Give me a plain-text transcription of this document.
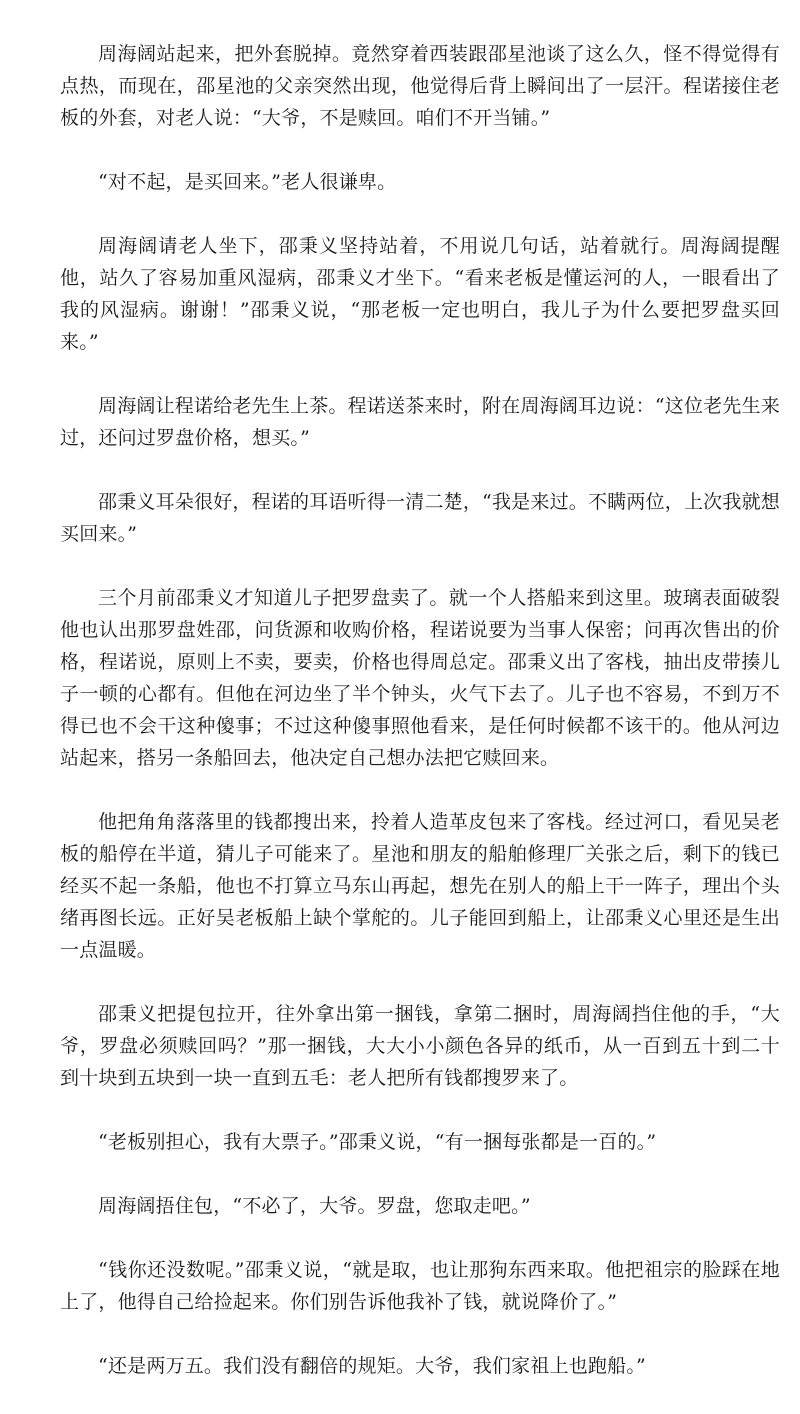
周海阔站起来，把外套脱掉。竟然穿着西装跟邵星池谈了这么久，怪不得觉得有点热，而现在，邵星池的父亲突然出现，他觉得后背上瞬间出了一层汗。程诺接住老板的外套，对老人说：“大爷，不是赎回。咱们不开当铺。”

“对不起，是买回来。”老人很谦卑。

周海阔请老人坐下，邵秉义坚持站着，不用说几句话，站着就行。周海阔提醒他，站久了容易加重风湿病，邵秉义才坐下。“看来老板是懂运河的人，一眼看出了我的风湿病。谢谢！”邵秉义说，“那老板一定也明白，我儿子为什么要把罗盘买回来。”

周海阔让程诺给老先生上茶。程诺送茶来时，附在周海阔耳边说：“这位老先生来过，还问过罗盘价格，想买。”

邵秉义耳朵很好，程诺的耳语听得一清二楚，“我是来过。不瞒两位，上次我就想买回来。”

三个月前邵秉义才知道儿子把罗盘卖了。就一个人搭船来到这里。玻璃表面破裂他也认出那罗盘姓邵，问货源和收购价格，程诺说要为当事人保密；问再次售出的价格，程诺说，原则上不卖，要卖，价格也得周总定。邵秉义出了客栈，抽出皮带揍儿子一顿的心都有。但他在河边坐了半个钟头，火气下去了。儿子也不容易，不到万不得已也不会干这种傻事；不过这种傻事照他看来，是任何时候都不该干的。他从河边站起来，搭另一条船回去，他决定自己想办法把它赎回来。

他把角角落落里的钱都搜出来，拎着人造革皮包来了客栈。经过河口，看见吴老板的船停在半道，猜儿子可能来了。星池和朋友的船舶修理厂关张之后，剩下的钱已经买不起一条船，他也不打算立马东山再起，想先在别人的船上干一阵子，理出个头绪再图长远。正好吴老板船上缺个掌舵的。儿子能回到船上，让邵秉义心里还是生出一点温暖。

邵秉义把提包拉开，往外拿出第一捆钱，拿第二捆时，周海阔挡住他的手，“大爷，罗盘必须赎回吗？”那一捆钱，大大小小颜色各异的纸币，从一百到五十到二十到十块到五块到一块一直到五毛：老人把所有钱都搜罗来了。

“老板别担心，我有大票子。”邵秉义说，“有一捆每张都是一百的。”

周海阔捂住包，“不必了，大爷。罗盘，您取走吧。”

“钱你还没数呢。”邵秉义说，“就是取，也让那狗东西来取。他把祖宗的脸踩在地上了，他得自己给捡起来。你们别告诉他我补了钱，就说降价了。”

“还是两万五。我们没有翻倍的规矩。大爷，我们家祖上也跑船。”
